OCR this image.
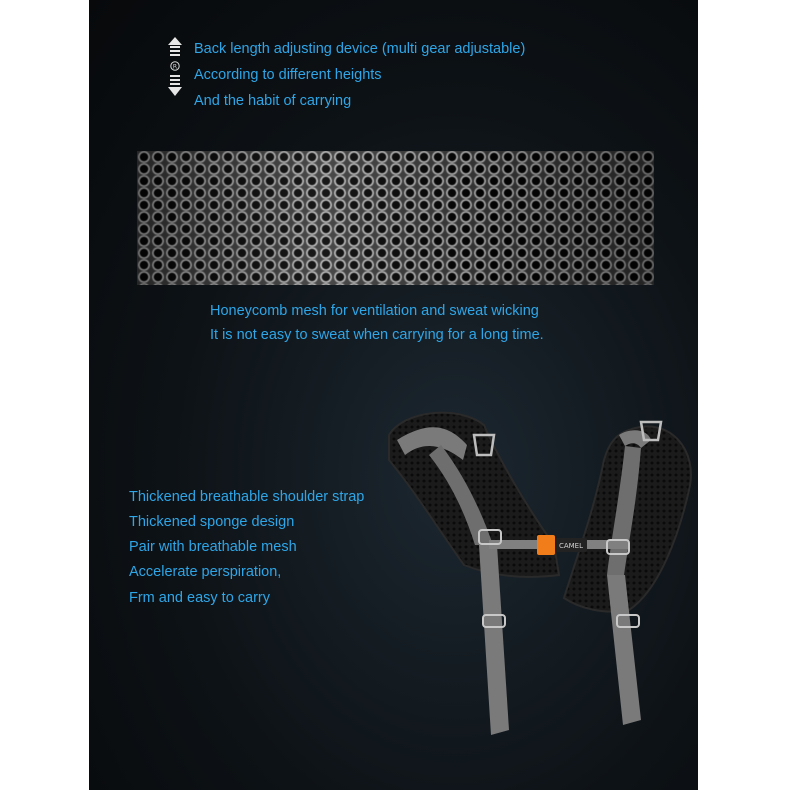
R

Back length adjusting device (multi gear adjustable)

According to different heights

And the habit of carrying

Honeycomb mesh for ventilation and sweat wicking

It is not easy to sweat when carrying for a long time.

Thickened breathable shoulder strap

Thickened sponge design

Pair with breathable mesh

Accelerate perspiration,

Frm and easy to carry

CAMEL
